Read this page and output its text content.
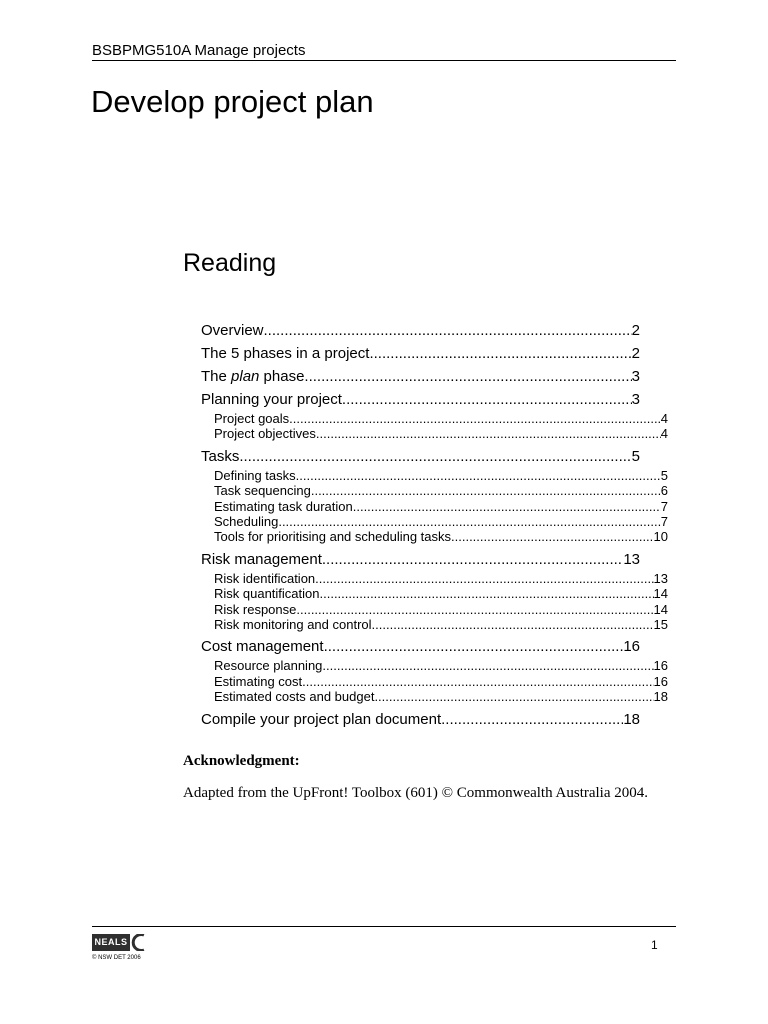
BSBPMG510A Manage projects
Develop project plan
Reading
Overview .....	2
The 5 phases in a project .....	2
The plan phase .....	3
Planning your project .....	3
Project goals .....	4
Project objectives .....	4
Tasks .....	5
Defining tasks .....	5
Task sequencing .....	6
Estimating task duration .....	7
Scheduling .....	7
Tools for prioritising and scheduling tasks .....	10
Risk management .....	13
Risk identification .....	13
Risk quantification .....	14
Risk response .....	14
Risk monitoring and control .....	15
Cost management .....	16
Resource planning .....	16
Estimating cost .....	16
Estimated costs and budget .....	18
Compile your project plan document .....	18
Acknowledgment:
Adapted from the UpFront! Toolbox (601) © Commonwealth Australia 2004.
NEALS
© NSW DET 2006
1
